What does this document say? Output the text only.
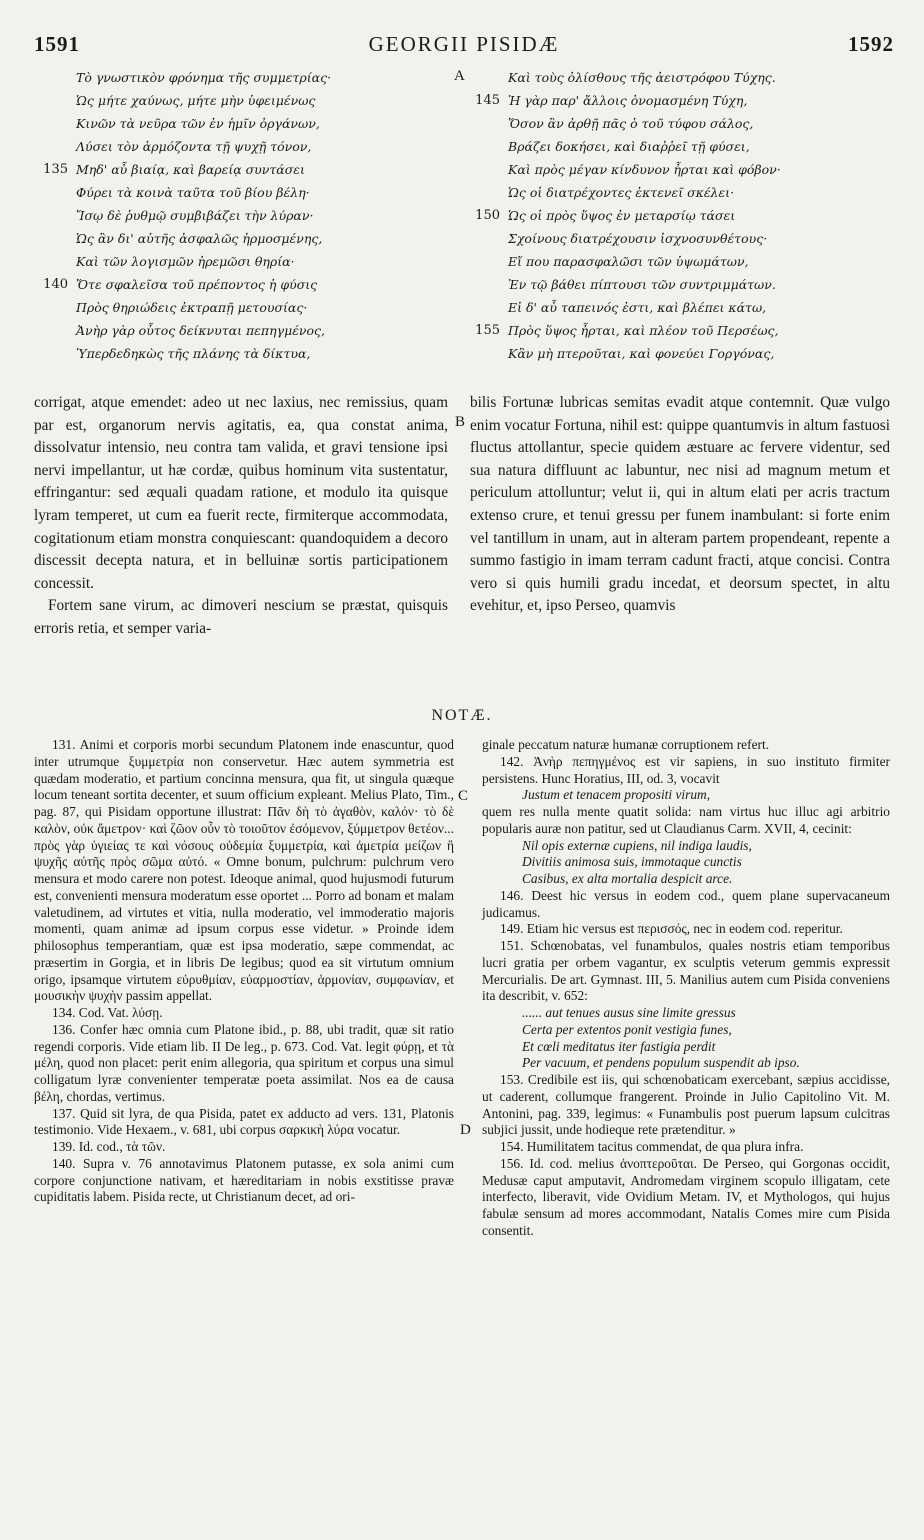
1591	GEORGII PISIDÆ	1592
Τὸ γνωστικὸν φρόνημα τῆς συμμετρίας·
Ὡς μήτε χαύνως, μήτε μὴν ὑφειμένως
Κινῶν τὰ νεῦρα τῶν ἐν ἡμῖν ὀργάνων,
Λύσει τὸν ἁρμόζοντα τῇ ψυχῇ τόνον,
135 Μηδ' αὖ βιαίᾳ, καὶ βαρείᾳ συντάσει
Φύρει τὰ κοινὰ ταῦτα τοῦ βίου βέλη·
Ἴσῳ δὲ ῥυθμῷ συμβιβάζει τὴν λύραν·
Ὡς ἂν δι' αὐτῆς ἀσφαλῶς ἡρμοσμένης,
Καὶ τῶν λογισμῶν ἠρεμῶσι θηρία·
140 Ὅτε σφαλεῖσα τοῦ πρέποντος ἡ φύσις
Πρὸς θηριώδεις ἐκτραπῇ μετουσίας·
Ἀνὴρ γὰρ οὗτος δείκνυται πεπηγμένος,
Ὑπερδεδηκὼς τῆς πλάνης τὰ δίκτυα,
A	Καὶ τοὺς ὀλίσθους τῆς ἀειστρόφου Τύχης.
145 Ἡ γὰρ παρ' ἄλλοις ὀνομασμένη Τύχη,
Ὅσον ἂν ἀρθῇ πᾶς ὁ τοῦ τύφου σάλος,
Βράζει δοκήσει, καὶ διαῤῥεῖ τῇ φύσει,
Καὶ πρὸς μέγαν κίνδυνον ἦρται καὶ φόβον·
Ὡς οἱ διατρέχοντες ἐκτενεῖ σκέλει·
150 Ὡς οἱ πρὸς ὕψος ἐν μεταρσίῳ τάσει
Σχοίνους διατρέχουσιν ἰσχνοσυνθέτους·
Εἴ που παρασφαλῶσι τῶν ὑψωμάτων,
Ἐν τῷ βάθει πίπτουσι τῶν συντριμμάτων.
Εἰ δ' αὖ ταπεινός ἐστι, καὶ βλέπει κάτω,
155 Πρὸς ὕψος ἦρται, καὶ πλέον τοῦ Περσέως,
Κἂν μὴ πτεροῦται, καὶ φονεύει Γοργόνας,

corrigat, atque emendet: adeo ut nec laxius, nec remissius, quam par est, organorum nervis agitatis, ea, qua constat anima, dissolvatur intensio, neu contra tam valida, et gravi tensione ipsi nervi impellantur, ut hæ cordæ, quibus hominum vita sustentatur, effringantur: sed æquali quadam ratione, et modulo ita quisque lyram temperet, ut cum ea fuerit recte, firmiterque accommodata, cogitationum etiam monstra conquiescant: quandoquidem a decoro discessit decepta natura, et in belluinæ sortis participationem concessit.

Fortem sane virum, ac dimoveri nescium se præstat, quisquis erroris retia, et semper varia-

B

bilis Fortunæ lubricas semitas evadit atque contemnit. Quæ vulgo enim vocatur Fortuna, nihil est: quippe quantumvis in altum fastuosi fluctus attollantur, specie quidem æstuare ac fervere videntur, sed sua natura diffluunt ac labuntur, nec nisi ad magnum metum et periculum attolluntur; velut ii, qui in altum elati per acris tractum extenso crure, et tenui gressu per funem inambulant: si forte enim vel tantillum in unam, aut in alteram partem propendeant, repente a summo fastigio in imam terram cadunt fracti, atque concisi. Contra vero si quis humili gradu incedat, et deorsum spectet, in altu evehitur, et, ipso Perseo, quamvis

NOTÆ.

131. Animi et corporis morbi secundum Platonem inde enascuntur, quod inter utrumque ξυμμετρία non conservetur. Hæc autem symmetria est quædam moderatio, et partium concinna mensura, qua fit, ut singula quæque locum teneant sortita decenter, et suum officium expleant. Melius Plato, Tim., pag. 87, qui Pisidam opportune illustrat: Πᾶν δὴ τὸ ἀγαθὸν, καλόν· τὸ δὲ καλὸν, οὐκ ἄμετρον· καὶ ζῶον οὖν τὸ τοιοῦτον ἐσόμενον, ξύμμετρον θετέον... πρὸς γὰρ ὑγιείας τε καὶ νόσους οὐδεμία ξυμμετρία, καὶ ἀμετρία μείζων ἢ ψυχῆς αὐτῆς πρὸς σῶμα αὐτό. « Omne bonum, pulchrum: pulchrum vero mensura et modo carere non potest. Ideoque animal, quod hujusmodi futurum est, convenienti mensura moderatum esse oportet ... Porro ad bonam et malam valetudinem, ad virtutes et vitia, nulla moderatio, vel immoderatio majoris momenti, quam animæ ad ipsum corpus esse videtur. » Proinde idem philosophus temperantiam, quæ est ipsa moderatio, sæpe commendat, ac præsertim in Gorgia, et in libris De legibus; quod ea sit virtutum omnium origo, ipsamque virtutem εὐρυθμίαν, εὐαρμοστίαν, ἁρμονίαν, συμφωνίαν, et μουσικὴν ψυχὴν passim appellat.

134. Cod. Vat. λύσῃ.

136. Confer hæc omnia cum Platone ibid., p. 88, ubi tradit, quæ sit ratio regendi corporis. Vide etiam lib. II De leg., p. 673. Cod. Vat. legit φύρῃ, et τὰ μέλη, quod non placet: perit enim allegoria, qua spiritum et corpus una simul colligatum lyræ convenienter temperatæ poeta assimilat. Nos ea de causa βέλη, chordas, vertimus.

137. Quid sit lyra, de qua Pisida, patet ex adducto ad vers. 131, Platonis testimonio. Vide Hexaem., v. 681, ubi corpus σαρκικὴ λύρα vocatur.

139. Id. cod., τὰ τῶν.

140. Supra v. 76 annotavimus Platonem putasse, ex sola animi cum corpore conjunctione nativam, et hæreditariam in nobis exstitisse pravæ cupiditatis labem. Pisida recte, ut Christianum decet, ad ori-

C
D

ginale peccatum naturæ humanæ corruptionem refert.

142. Ἀνὴρ πεπηγμένος est vir sapiens, in suo instituto firmiter persistens. Hunc Horatius, III, od. 3, vocavit

Justum et tenacem propositi virum,

quem res nulla mente quatit solida: nam virtus huc illuc agi arbitrio popularis auræ non patitur, sed ut Claudianus Carm. XVII, 4, cecinit:

Nil opis externæ cupiens, nil indiga laudis,

Divitiis animosa suis, immotaque cunctis

Casibus, ex alta mortalia despicit arce.

146. Deest hic versus in eodem cod., quem plane supervacaneum judicamus.

149. Etiam hic versus est περισσός, nec in eodem cod. reperitur.

151. Schœnobatas, vel funambulos, quales nostris etiam temporibus lucri gratia per orbem vagantur, ex sculptis veterum gemmis expressit Mercurialis. De art. Gymnast. III, 5. Manilius autem cum Pisida conveniens ita describit, v. 652:

...... aut tenues ausus sine limite gressus

Certa per extentos ponit vestigia funes,

Et cœli meditatus iter fastigia perdit

Per vacuum, et pendens populum suspendit ab ipso.

153. Credibile est iis, qui schœnobaticam exercebant, sæpius accidisse, ut caderent, collumque frangerent. Proinde in Julio Capitolino Vit. M. Antonini, pag. 339, legimus: « Funambulis post puerum lapsum culcitras subjici jussit, unde hodieque rete prætenditur. »

154. Humilitatem tacitus commendat, de qua plura infra.

156. Id. cod. melius ἀνοπτεροῦται. De Perseo, qui Gorgonas occidit, Medusæ caput amputavit, Andromedam virginem scopulo illigatam, cete interfecto, liberavit, vide Ovidium Metam. IV, et Mythologos, qui hujus fabulæ sensum ad mores accommodant, Natalis Comes mire cum Pisida consentit.
